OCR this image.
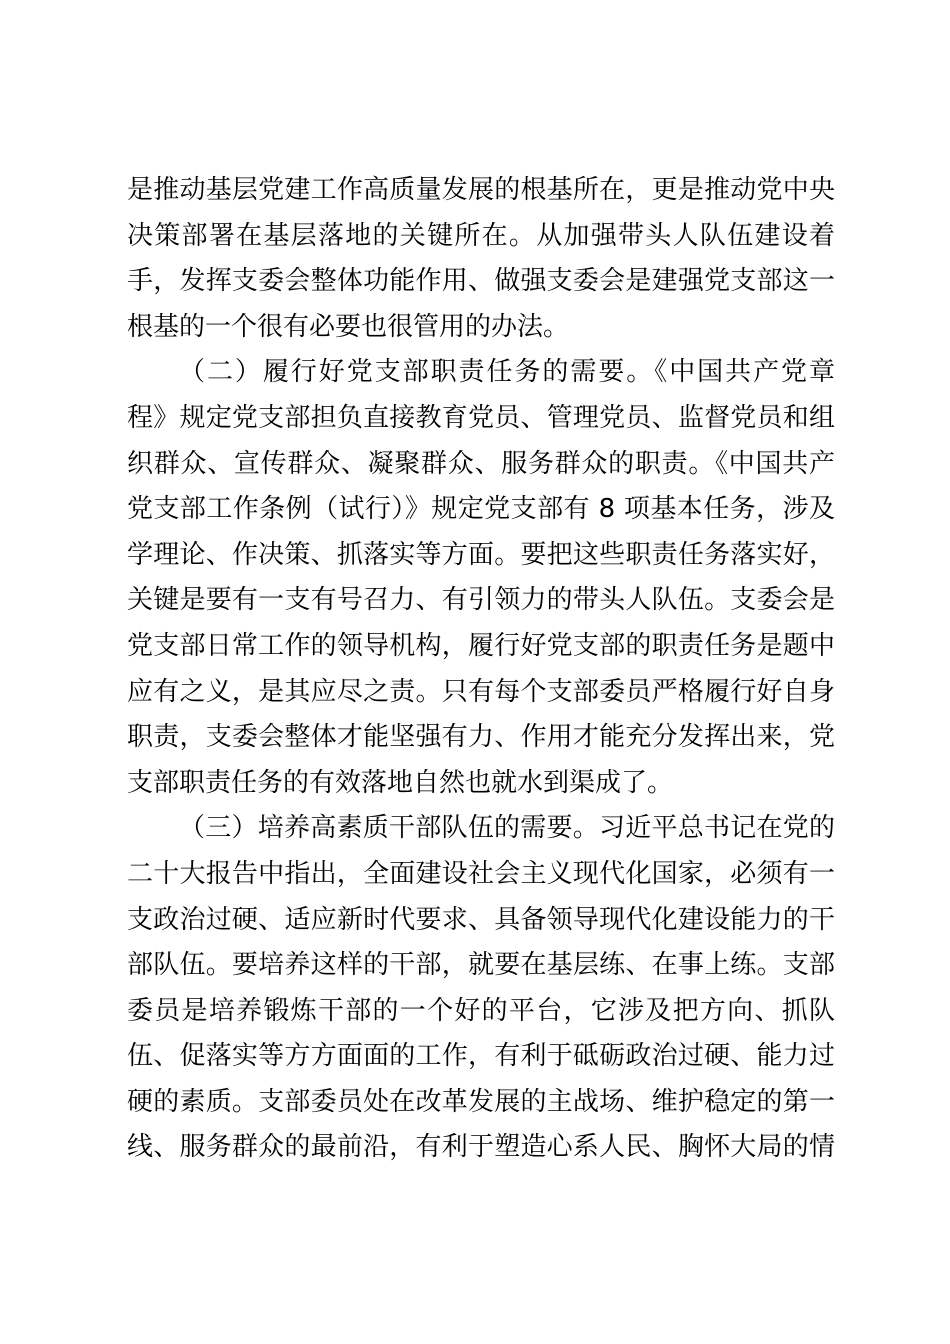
是推动基层党建工作高质量发展的根基所在，更是推动党中央
决策部署在基层落地的关键所在。从加强带头人队伍建设着
手，发挥支委会整体功能作用、做强支委会是建强党支部这一
根基的一个很有必要也很管用的办法。
（二）履行好党支部职责任务的需要。《中国共产党章
程》规定党支部担负直接教育党员、管理党员、监督党员和组
织群众、宣传群众、凝聚群众、服务群众的职责。《中国共产
党支部工作条例（试行）》规定党支部有 8 项基本任务，涉及
学理论、作决策、抓落实等方面。要把这些职责任务落实好，
关键是要有一支有号召力、有引领力的带头人队伍。支委会是
党支部日常工作的领导机构，履行好党支部的职责任务是题中
应有之义，是其应尽之责。只有每个支部委员严格履行好自身
职责，支委会整体才能坚强有力、作用才能充分发挥出来，党
支部职责任务的有效落地自然也就水到渠成了。
（三）培养高素质干部队伍的需要。习近平总书记在党的
二十大报告中指出，全面建设社会主义现代化国家，必须有一
支政治过硬、适应新时代要求、具备领导现代化建设能力的干
部队伍。要培养这样的干部，就要在基层练、在事上练。支部
委员是培养锻炼干部的一个好的平台，它涉及把方向、抓队
伍、促落实等方方面面的工作，有利于砥砺政治过硬、能力过
硬的素质。支部委员处在改革发展的主战场、维护稳定的第一
线、服务群众的最前沿，有利于塑造心系人民、胸怀大局的情
